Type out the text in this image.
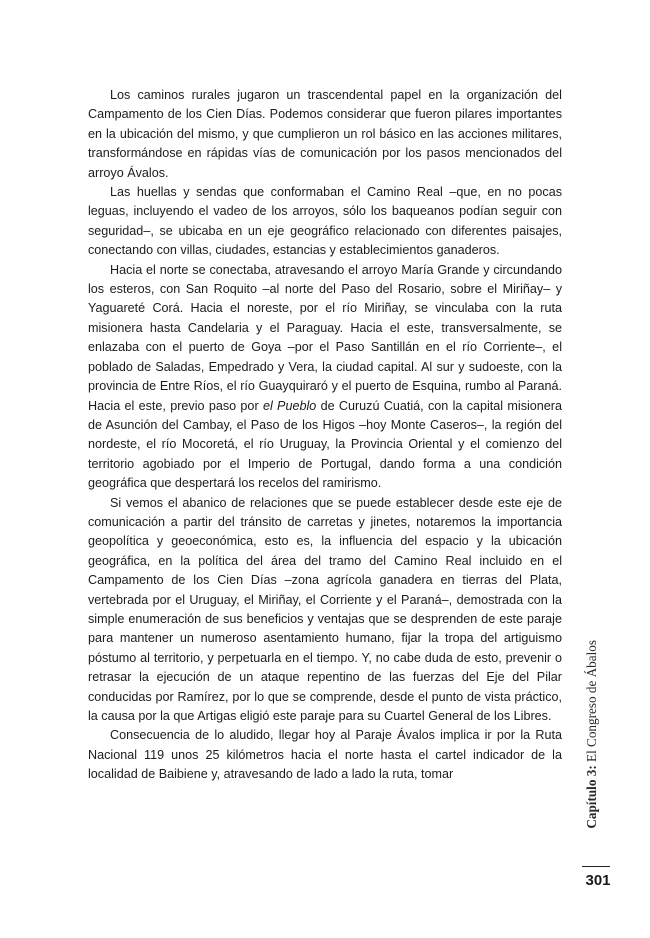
Los caminos rurales jugaron un trascendental papel en la organización del Campamento de los Cien Días. Podemos considerar que fueron pilares importantes en la ubicación del mismo, y que cumplieron un rol básico en las acciones militares, transformándose en rápidas vías de comunicación por los pasos mencionados del arroyo Ávalos.

Las huellas y sendas que conformaban el Camino Real –que, en no pocas leguas, incluyendo el vadeo de los arroyos, sólo los baqueanos podían seguir con seguridad–, se ubicaba en un eje geográfico relacionado con diferentes paisajes, conectando con villas, ciudades, estancias y establecimientos ganaderos.

Hacia el norte se conectaba, atravesando el arroyo María Grande y circundando los esteros, con San Roquito –al norte del Paso del Rosario, sobre el Miriñay– y Yaguareté Corá. Hacia el noreste, por el río Miriñay, se vinculaba con la ruta misionera hasta Candelaria y el Paraguay. Hacia el este, transversalmente, se enlazaba con el puerto de Goya –por el Paso Santillán en el río Corriente–, el poblado de Saladas, Empedrado y Vera, la ciudad capital. Al sur y sudoeste, con la provincia de Entre Ríos, el río Guayquiraró y el puerto de Esquina, rumbo al Paraná. Hacia el este, previo paso por el Pueblo de Curuzú Cuatiá, con la capital misionera de Asunción del Cambay, el Paso de los Higos –hoy Monte Caseros–, la región del nordeste, el río Mocoretá, el río Uruguay, la Provincia Oriental y el comienzo del territorio agobiado por el Imperio de Portugal, dando forma a una condición geográfica que despertará los recelos del ramirismo.

Si vemos el abanico de relaciones que se puede establecer desde este eje de comunicación a partir del tránsito de carretas y jinetes, notaremos la importancia geopolítica y geoeconómica, esto es, la influencia del espacio y la ubicación geográfica, en la política del área del tramo del Camino Real incluido en el Campamento de los Cien Días –zona agrícola ganadera en tierras del Plata, vertebrada por el Uruguay, el Miriñay, el Corriente y el Paraná–, demostrada con la simple enumeración de sus beneficios y ventajas que se desprenden de este paraje para mantener un numeroso asentamiento humano, fijar la tropa del artiguismo póstumo al territorio, y perpetuarla en el tiempo. Y, no cabe duda de esto, prevenir o retrasar la ejecución de un ataque repentino de las fuerzas del Eje del Pilar conducidas por Ramírez, por lo que se comprende, desde el punto de vista práctico, la causa por la que Artigas eligió este paraje para su Cuartel General de los Libres.

Consecuencia de lo aludido, llegar hoy al Paraje Ávalos implica ir por la Ruta Nacional 119 unos 25 kilómetros hacia el norte hasta el cartel indicador de la localidad de Baibiene y, atravesando de lado a lado la ruta, tomar	Capítulo 3: El Congreso de Ábalos
301
